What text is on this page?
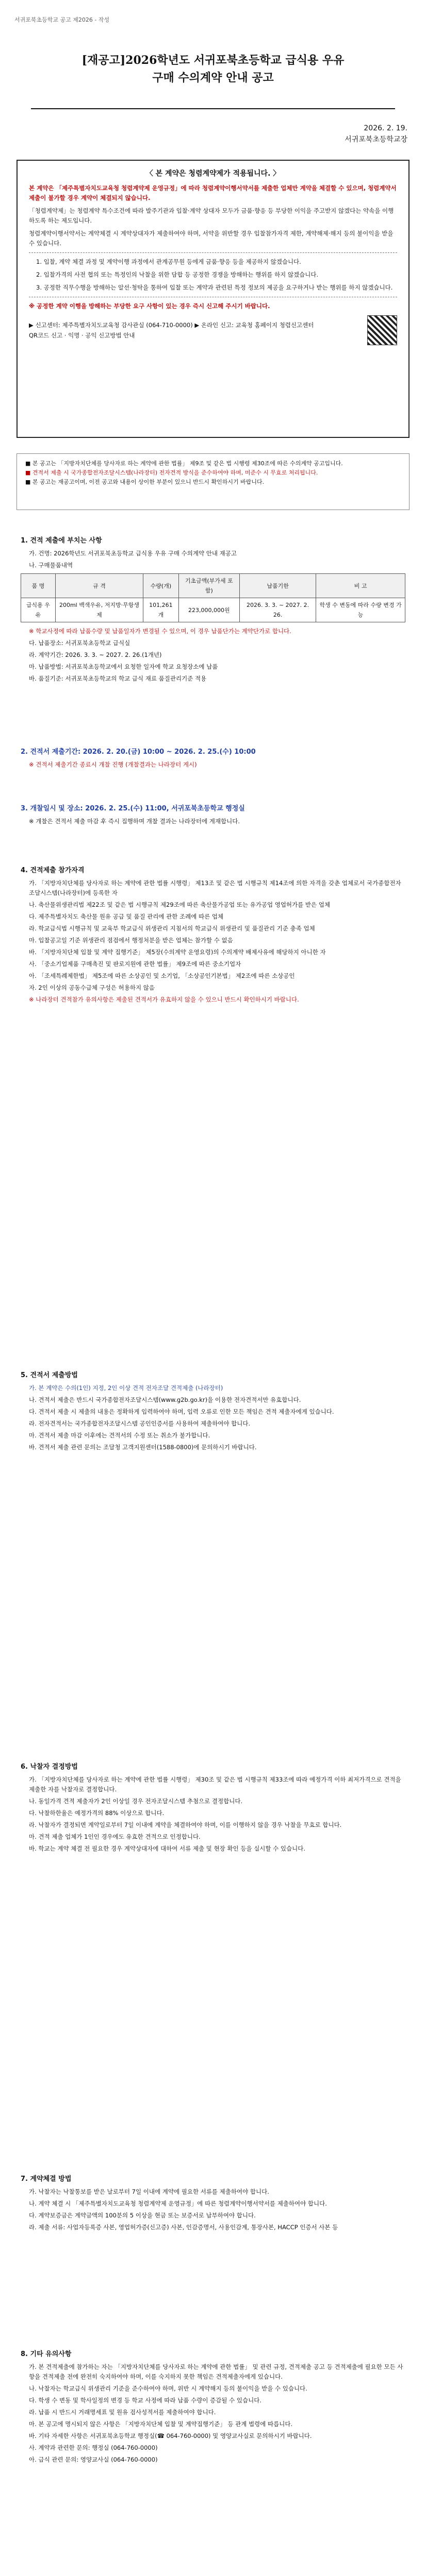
서귀포북초등학교 공고 제2026 - 작성
[재공고]2026학년도 서귀포북초등학교 급식용 우유
구매 수의계약 안내 공고
2026. 2. 19.
서귀포북초등학교장
〈 본 계약은 청렴계약제가 적용됩니다. 〉

본 계약은 「제주특별자치도교육청 청렴계약제 운영규정」에 따라 청렴계약이행서약서를 제출한 업체만 계약을 체결할 수 있으며, 청렴계약서 제출이 불가할 경우 계약이 체결되지 않습니다.

「청렴계약제」는 청렴계약 특수조건에 따라 발주기관과 입찰·계약 상대자 모두가 금품·향응 등 부당한 이익을 주고받지 않겠다는 약속을 이행하도록 하는 제도입니다.

청렴계약이행서약서는 계약체결 시 계약상대자가 제출하여야 하며, 서약을 위반할 경우 입찰참가자격 제한, 계약해제·해지 등의 불이익을 받을 수 있습니다.

1. 입찰, 계약 체결 과정 및 계약이행 과정에서 관계공무원 등에게 금품·향응 등을 제공하지 않겠습니다.

2. 입찰가격의 사전 협의 또는 특정인의 낙찰을 위한 담합 등 공정한 경쟁을 방해하는 행위를 하지 않겠습니다.

3. 공정한 직무수행을 방해하는 알선·청탁을 통하여 입찰 또는 계약과 관련된 특정 정보의 제공을 요구하거나 받는 행위를 하지 않겠습니다.

※ 공정한 계약 이행을 방해하는 부당한 요구 사항이 있는 경우 즉시 신고해 주시기 바랍니다.

▶ 신고센터: 제주특별자치도교육청 감사관실 (064-710-0000) ▶ 온라인 신고: 교육청 홈페이지 청렴신고센터
QR코드 신고 · 익명 · 공익 신고방법 안내
■ 본 공고는 「지방자치단체를 당사자로 하는 계약에 관한 법률」 제9조 및 같은 법 시행령 제30조에 따른 수의계약 공고입니다.
■ 견적서 제출 시 국가종합전자조달시스템(나라장터) 전자견적 방식을 준수하여야 하며, 미준수 시 무효로 처리됩니다.
■ 본 공고는 재공고이며, 이전 공고와 내용이 상이한 부분이 있으니 반드시 확인하시기 바랍니다.
1. 견적 제출에 부치는 사항
가. 건명: 2026학년도 서귀포북초등학교 급식용 우유 구매 수의계약 안내 재공고
나. 구매물품내역
품 명	규 격	수량(개)	기초금액(부가세 포함)	납품기한	비 고
급식용 우유	200ml 백색우유, 저지방·무항생제	101,261개	223,000,000원	2026. 3. 3. ~ 2027. 2. 26.	학생 수 변동에 따라 수량 변경 가능
※ 학교사정에 따라 납품수량 및 납품일자가 변경될 수 있으며, 이 경우 납품단가는 계약단가로 합니다.
다. 납품장소: 서귀포북초등학교 급식실
라. 계약기간: 2026. 3. 3. ~ 2027. 2. 26.(1개년)
마. 납품방법: 서귀포북초등학교에서 요청한 일자에 학교 요청장소에 납품
바. 품질기준: 서귀포북초등학교의 학교 급식 재료 품질관리기준 적용
2. 견적서 제출기간: 2026. 2. 20.(금) 10:00 ~ 2026. 2. 25.(수) 10:00
※ 견적서 제출기간 종료시 개찰 진행 (개찰결과는 나라장터 게시)
3. 개찰일시 및 장소: 2026. 2. 25.(수) 11:00, 서귀포북초등학교 행정실
※ 개찰은 견적서 제출 마감 후 즉시 집행하며 개찰 결과는 나라장터에 게재합니다.
4. 견적제출 참가자격
가. 「지방자치단체를 당사자로 하는 계약에 관한 법률 시행령」 제13조 및 같은 법 시행규칙 제14조에 의한 자격을 갖춘 업체로서 국가종합전자조달시스템(나라장터)에 등록한 자
나. 축산물위생관리법 제22조 및 같은 법 시행규칙 제29조에 따른 축산물가공업 또는 유가공업 영업허가를 받은 업체
다. 제주특별자치도 축산물 원유 공급 및 품질 관리에 관한 조례에 따른 업체
라. 학교급식법 시행규칙 및 교육부 학교급식 위생관리 지침서의 학교급식 위생관리 및 품질관리 기준 충족 업체
마. 입찰공고일 기준 위생관리 점검에서 행정처분을 받은 업체는 참가할 수 없음
바. 「지방자치단체 입찰 및 계약 집행기준」 제5장(수의계약 운영요령)의 수의계약 배제사유에 해당하지 아니한 자
사. 「중소기업제품 구매촉진 및 판로지원에 관한 법률」 제9조에 따른 중소기업자
아. 「조세특례제한법」 제5조에 따른 소상공인 및 소기업, 「소상공인기본법」 제2조에 따른 소상공인
자. 2인 이상의 공동수급체 구성은 허용하지 않음
※ 나라장터 견적참가 유의사항은 제출된 견적서가 유효하지 않을 수 있으니 반드시 확인하시기 바랍니다.
5. 견적서 제출방법
가. 본 계약은 수의(1인) 지정, 2인 이상 견적 전자조달 견적제출 (나라장터)
나. 견적서 제출은 반드시 국가종합전자조달시스템(www.g2b.go.kr)을 이용한 전자견적서만 유효합니다.
다. 견적서 제출 시 제출의 내용은 정확하게 입력하여야 하며, 입력 오류로 인한 모든 책임은 견적 제출자에게 있습니다.
라. 전자견적서는 국가종합전자조달시스템 공인인증서를 사용하여 제출하여야 합니다.
마. 견적서 제출 마감 이후에는 견적서의 수정 또는 취소가 불가합니다.
바. 견적서 제출 관련 문의는 조달청 고객지원센터(1588-0800)에 문의하시기 바랍니다.
6. 낙찰자 결정방법
가. 「지방자치단체를 당사자로 하는 계약에 관한 법률 시행령」 제30조 및 같은 법 시행규칙 제33조에 따라 예정가격 이하 최저가격으로 견적을 제출한 자를 낙찰자로 결정합니다.
나. 동일가격 견적 제출자가 2인 이상일 경우 전자조달시스템 추첨으로 결정합니다.
다. 낙찰하한율은 예정가격의 88% 이상으로 합니다.
라. 낙찰자가 결정되면 계약일로부터 7일 이내에 계약을 체결하여야 하며, 이를 이행하지 않을 경우 낙찰을 무효로 합니다.
마. 견적 제출 업체가 1인인 경우에도 유효한 견적으로 인정합니다.
바. 학교는 계약 체결 전 필요한 경우 계약상대자에 대하여 서류 제출 및 현장 확인 등을 실시할 수 있습니다.
7. 계약체결 방법
가. 낙찰자는 낙찰통보를 받은 날로부터 7일 이내에 계약에 필요한 서류를 제출하여야 합니다.
나. 계약 체결 시 「제주특별자치도교육청 청렴계약제 운영규정」에 따른 청렴계약이행서약서를 제출하여야 합니다.
다. 계약보증금은 계약금액의 100분의 5 이상을 현금 또는 보증서로 납부하여야 합니다.
라. 제출 서류: 사업자등록증 사본, 영업허가증(신고증) 사본, 인감증명서, 사용인감계, 통장사본, HACCP 인증서 사본 등
8. 기타 유의사항
가. 본 견적제출에 참가하는 자는 「지방자치단체를 당사자로 하는 계약에 관한 법률」 및 관련 규정, 견적제출 공고 등 견적제출에 필요한 모든 사항을 견적제출 전에 완전히 숙지하여야 하며, 이를 숙지하지 못한 책임은 견적제출자에게 있습니다.
나. 낙찰자는 학교급식 위생관리 기준을 준수하여야 하며, 위반 시 계약해지 등의 불이익을 받을 수 있습니다.
다. 학생 수 변동 및 학사일정의 변경 등 학교 사정에 따라 납품 수량이 증감될 수 있습니다.
라. 납품 시 반드시 거래명세표 및 원유 검사성적서를 제출하여야 합니다.
마. 본 공고에 명시되지 않은 사항은 「지방자치단체 입찰 및 계약집행기준」 등 관계 법령에 따릅니다.
바. 기타 자세한 사항은 서귀포북초등학교 행정실(☎ 064-760-0000) 및 영양교사실로 문의하시기 바랍니다.
사. 계약과 관련한 문의: 행정실 (064-760-0000)
아. 급식 관련 문의: 영양교사실 (064-760-0000)
